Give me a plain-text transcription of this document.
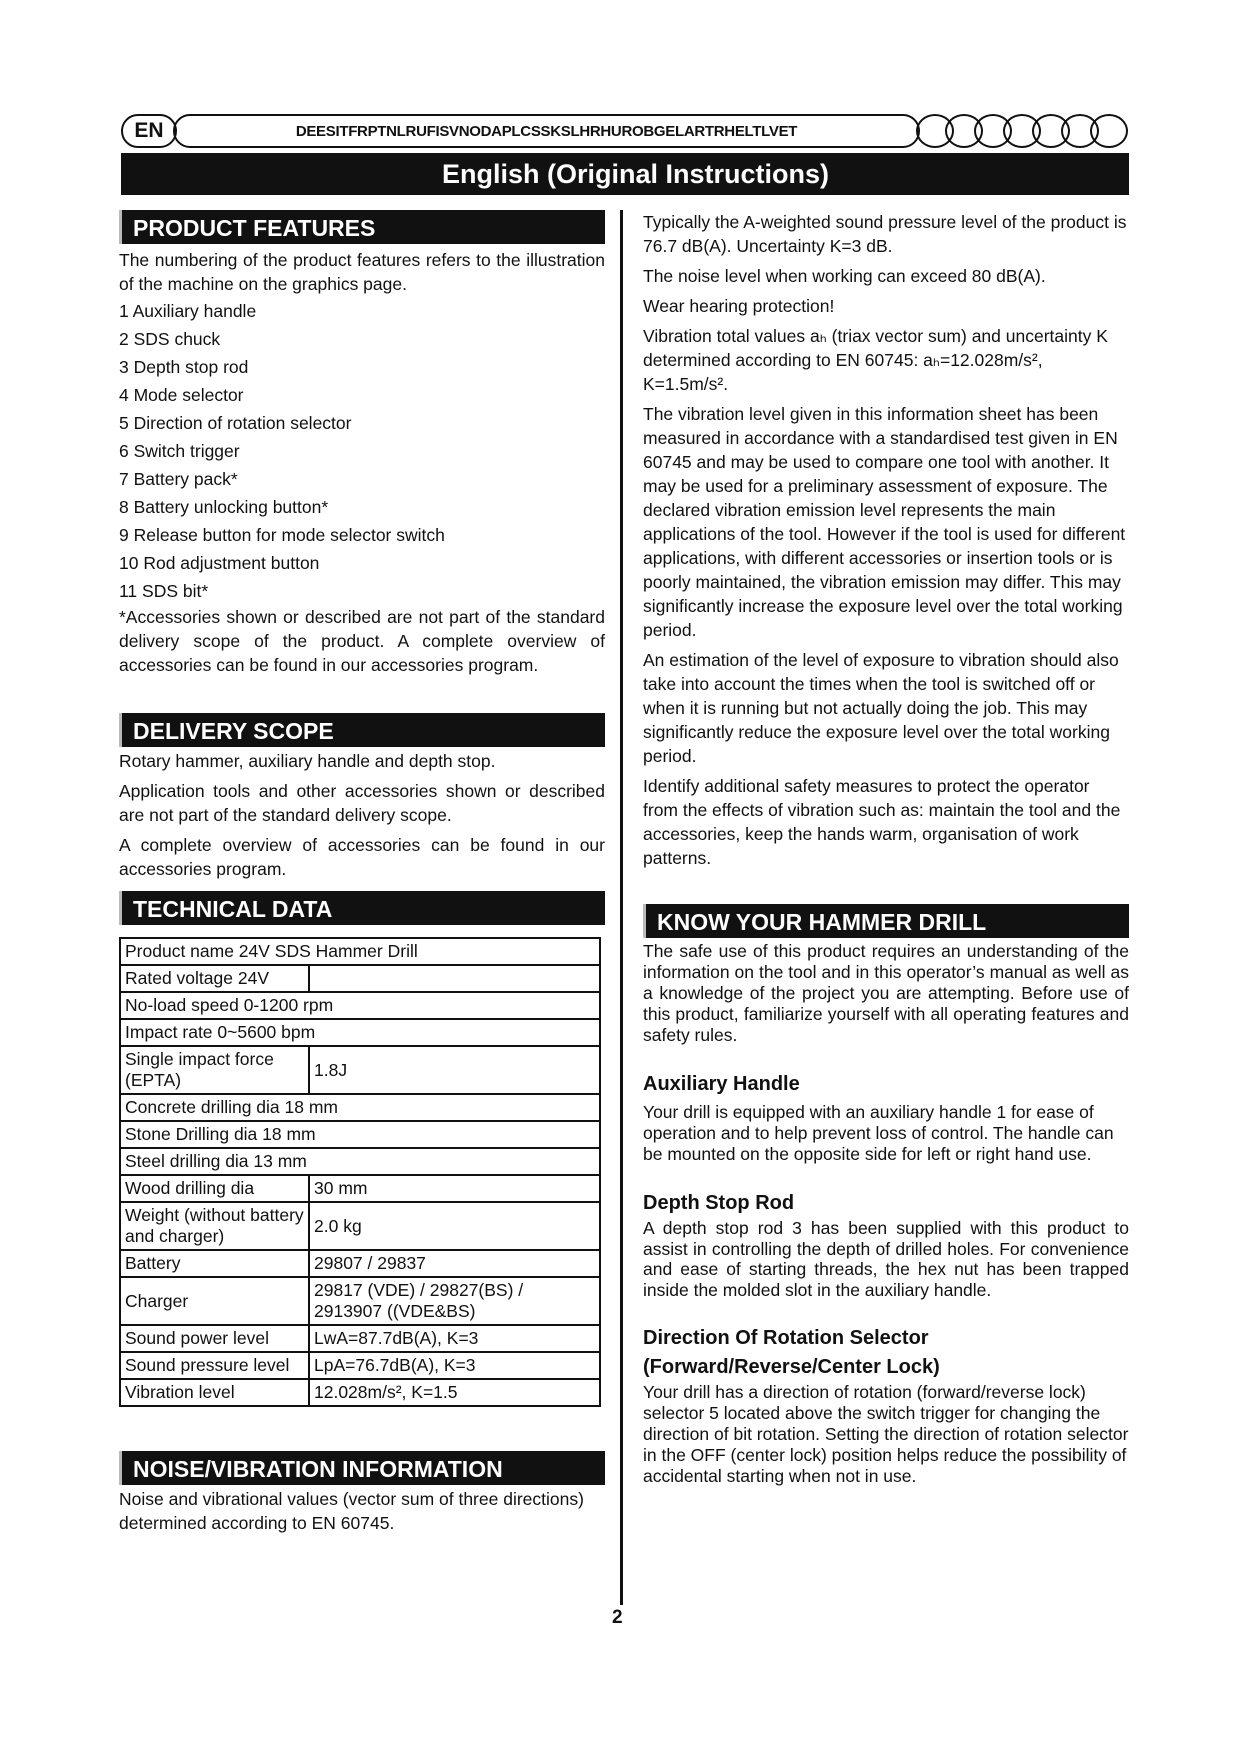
EN	DEESITFRPTNLRUFISVNODAPLCSSKSLHRHUROBGELARTRHELTLVET
English (Original Instructions)
PRODUCT FEATURES

The numbering of the product features refers to the illustration of the machine on the graphics page.

1 Auxiliary handle
2 SDS chuck
3 Depth stop rod
4 Mode selector
5 Direction of rotation selector
6 Switch trigger
7 Battery pack*
8 Battery unlocking button*
9 Release button for mode selector switch
10 Rod adjustment button
11 SDS bit*

*Accessories shown or described are not part of the standard delivery scope of the product. A complete overview of accessories can be found in our accessories program.

DELIVERY SCOPE

Rotary hammer, auxiliary handle and depth stop.

Application tools and other accessories shown or described are not part of the standard delivery scope.

A complete overview of accessories can be found in our accessories program.

TECHNICAL DATA
Product name 24V SDS Hammer Drill	
Rated voltage 24V	
No-load speed 0-1200 rpm	
Impact rate 0~5600 bpm	
Single impact force (EPTA)	1.8J
Concrete drilling dia 18 mm	
Stone Drilling dia 18 mm	
Steel drilling dia 13 mm	
Wood drilling dia	30 mm
Weight (without battery and charger)	2.0 kg
Battery	29807 / 29837
Charger	29817 (VDE) / 29827(BS) / 2913907 ((VDE&BS)
Sound power level	LwA=87.7dB(A), K=3
Sound pressure level	LpA=76.7dB(A), K=3
Vibration level	12.028m/s², K=1.5
NOISE/VIBRATION INFORMATION

Noise and vibrational values (vector sum of three directions) determined according to EN 60745.

Typically the A-weighted sound pressure level of the product is 76.7 dB(A). Uncertainty K=3 dB.

The noise level when working can exceed 80 dB(A).

Wear hearing protection!

Vibration total values aₕ (triax vector sum) and uncertainty K determined according to EN 60745: aₕ=12.028m/s², K=1.5m/s².

The vibration level given in this information sheet has been measured in accordance with a standardised test given in EN 60745 and may be used to compare one tool with another. It may be used for a preliminary assessment of exposure. The declared vibration emission level represents the main applications of the tool. However if the tool is used for different applications, with different accessories or insertion tools or is poorly maintained, the vibration emission may differ. This may significantly increase the exposure level over the total working period.

An estimation of the level of exposure to vibration should also take into account the times when the tool is switched off or when it is running but not actually doing the job. This may significantly reduce the exposure level over the total working period.

Identify additional safety measures to protect the operator from the effects of vibration such as: maintain the tool and the accessories, keep the hands warm, organisation of work patterns.

KNOW YOUR HAMMER DRILL

The safe use of this product requires an understanding of the information on the tool and in this operator’s manual as well as a knowledge of the project you are attempting. Before use of this product, familiarize yourself with all operating features and safety rules.

Auxiliary Handle

Your drill is equipped with an auxiliary handle 1 for ease of operation and to help prevent loss of control. The handle can be mounted on the opposite side for left or right hand use.

Depth Stop Rod

A depth stop rod 3 has been supplied with this product to assist in controlling the depth of drilled holes. For convenience and ease of starting threads, the hex nut has been trapped inside the molded slot in the auxiliary handle.

Direction Of Rotation Selector
(Forward/Reverse/Center Lock)

Your drill has a direction of rotation (forward/reverse lock) selector 5 located above the switch trigger for changing the direction of bit rotation. Setting the direction of rotation selector in the OFF (center lock) position helps reduce the possibility of accidental starting when not in use.

2
